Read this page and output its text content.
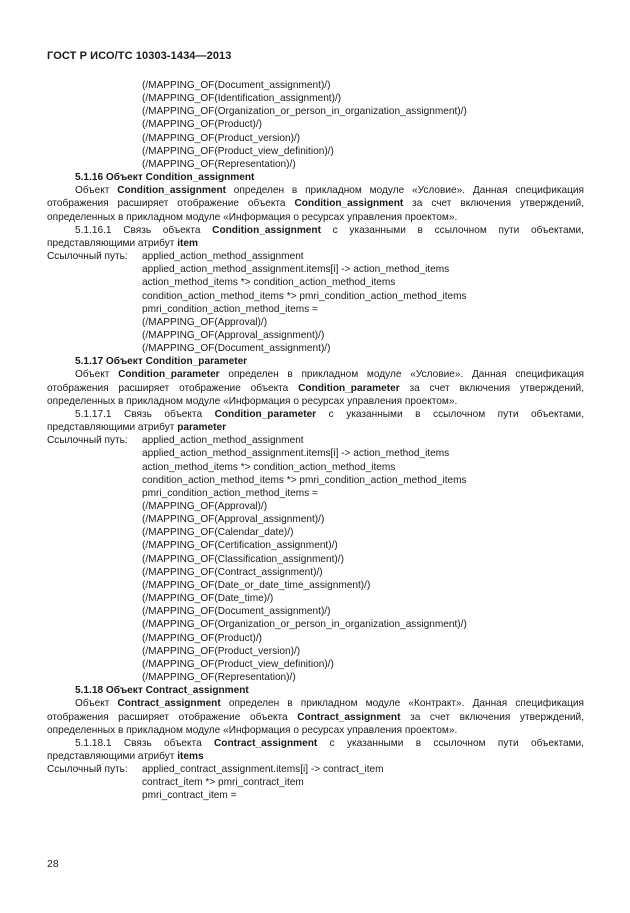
ГОСТ Р ИСО/ТС 10303-1434—2013
(/MAPPING_OF(Document_assignment)/)
(/MAPPING_OF(Identification_assignment)/)
(/MAPPING_OF(Organization_or_person_in_organization_assignment)/)
(/MAPPING_OF(Product)/)
(/MAPPING_OF(Product_version)/)
(/MAPPING_OF(Product_view_definition)/)
(/MAPPING_OF(Representation)/)
5.1.16 Объект Condition_assignment
Объект Condition_assignment определен в прикладном модуле «Условие». Данная спецификация отображения расширяет отображение объекта Condition_assignment за счет включения утверждений, определенных в прикладном модуле «Информация о ресурсах управления проектом».
5.1.16.1 Связь объекта Condition_assignment с указанными в ссылочном пути объектами, представляющими атрибут item
Ссылочный путь:	applied_action_method_assignment
applied_action_method_assignment.items[i] -> action_method_items
action_method_items *> condition_action_method_items
condition_action_method_items *> pmri_condition_action_method_items
pmri_condition_action_method_items =
(/MAPPING_OF(Approval)/)
(/MAPPING_OF(Approval_assignment)/)
(/MAPPING_OF(Document_assignment)/)
5.1.17 Объект Condition_parameter
Объект Condition_parameter определен в прикладном модуле «Условие». Данная спецификация отображения расширяет отображение объекта Condition_parameter за счет включения утверждений, определенных в прикладном модуле «Информация о ресурсах управления проектом».
5.1.17.1 Связь объекта Condition_parameter с указанными в ссылочном пути объектами, представляющими атрибут parameter
Ссылочный путь:	applied_action_method_assignment
applied_action_method_assignment.items[i] -> action_method_items
action_method_items *> condition_action_method_items
condition_action_method_items *> pmri_condition_action_method_items
pmri_condition_action_method_items =
(/MAPPING_OF(Approval)/)
(/MAPPING_OF(Approval_assignment)/)
(/MAPPING_OF(Calendar_date)/)
(/MAPPING_OF(Certification_assignment)/)
(/MAPPING_OF(Classification_assignment)/)
(/MAPPING_OF(Contract_assignment)/)
(/MAPPING_OF(Date_or_date_time_assignment)/)
(/MAPPING_OF(Date_time)/)
(/MAPPING_OF(Document_assignment)/)
(/MAPPING_OF(Organization_or_person_in_organization_assignment)/)
(/MAPPING_OF(Product)/)
(/MAPPING_OF(Product_version)/)
(/MAPPING_OF(Product_view_definition)/)
(/MAPPING_OF(Representation)/)
5.1.18 Объект Contract_assignment
Объект Contract_assignment определен в прикладном модуле «Контракт». Данная спецификация отображения расширяет отображение объекта Contract_assignment за счет включения утверждений, определенных в прикладном модуле «Информация о ресурсах управления проектом».
5.1.18.1 Связь объекта Contract_assignment с указанными в ссылочном пути объектами, представляющими атрибут items
Ссылочный путь:	applied_contract_assignment.items[i] -> contract_item
contract_item *> pmri_contract_item
pmri_contract_item =
28
